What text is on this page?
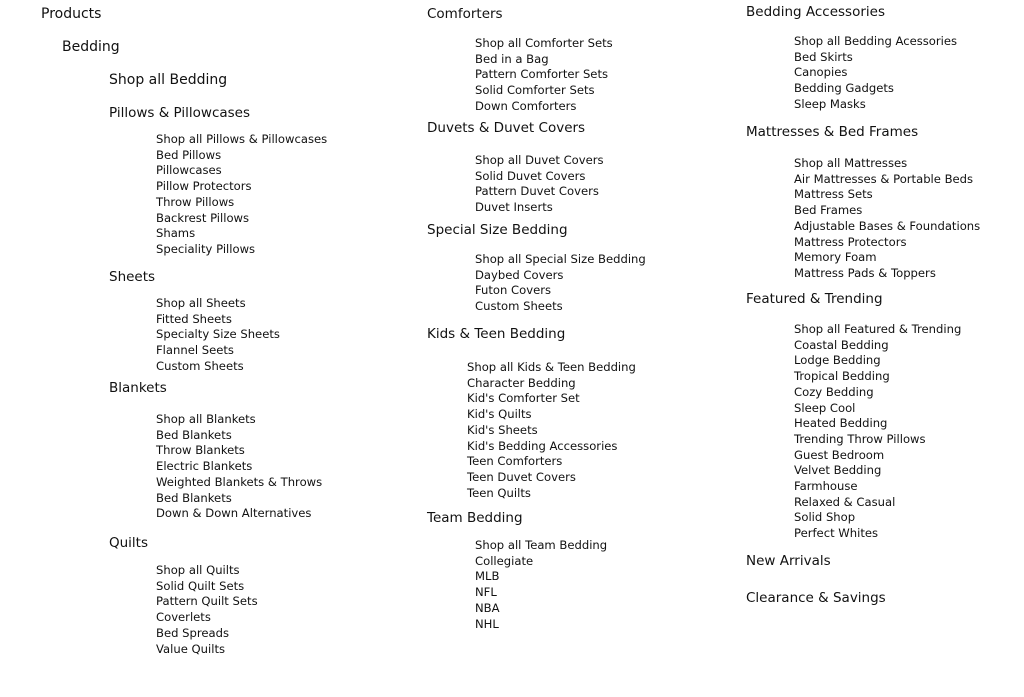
Products
Bedding
Shop all Bedding
Pillows & Pillowcases
Shop all Pillows & Pillowcases
Bed Pillows
Pillowcases
Pillow Protectors
Throw Pillows
Backrest Pillows
Shams
Speciality Pillows
Sheets
Shop all Sheets
Fitted Sheets
Specialty Size Sheets
Flannel Seets
Custom Sheets
Blankets
Shop all Blankets
Bed Blankets
Throw Blankets
Electric Blankets
Weighted Blankets & Throws
Bed Blankets
Down & Down Alternatives
Quilts
Shop all Quilts
Solid Quilt Sets
Pattern Quilt Sets
Coverlets
Bed Spreads
Value Quilts
Comforters
Shop all Comforter Sets
Bed in a Bag
Pattern Comforter Sets
Solid Comforter Sets
Down Comforters
Duvets & Duvet Covers
Shop all Duvet Covers
Solid Duvet Covers
Pattern Duvet Covers
Duvet Inserts
Special Size Bedding
Shop all Special Size Bedding
Daybed Covers
Futon Covers
Custom Sheets
Kids & Teen Bedding
Shop all Kids & Teen Bedding
Character Bedding
Kid's Comforter Set
Kid's Quilts
Kid's Sheets
Kid's Bedding Accessories
Teen Comforters
Teen Duvet Covers
Teen Quilts
Team Bedding
Shop all Team Bedding
Collegiate
MLB
NFL
NBA
NHL
Bedding Accessories
Shop all Bedding Acessories
Bed Skirts
Canopies
Bedding Gadgets
Sleep Masks
Mattresses & Bed Frames
Shop all Mattresses
Air Mattresses & Portable Beds
Mattress Sets
Bed Frames
Adjustable Bases & Foundations
Mattress Protectors
Memory Foam
Mattress Pads & Toppers
Featured & Trending
Shop all Featured & Trending
Coastal Bedding
Lodge Bedding
Tropical Bedding
Cozy Bedding
Sleep Cool
Heated Bedding
Trending Throw Pillows
Guest Bedroom
Velvet Bedding
Farmhouse
Relaxed & Casual
Solid Shop
Perfect Whites
New Arrivals
Clearance & Savings
